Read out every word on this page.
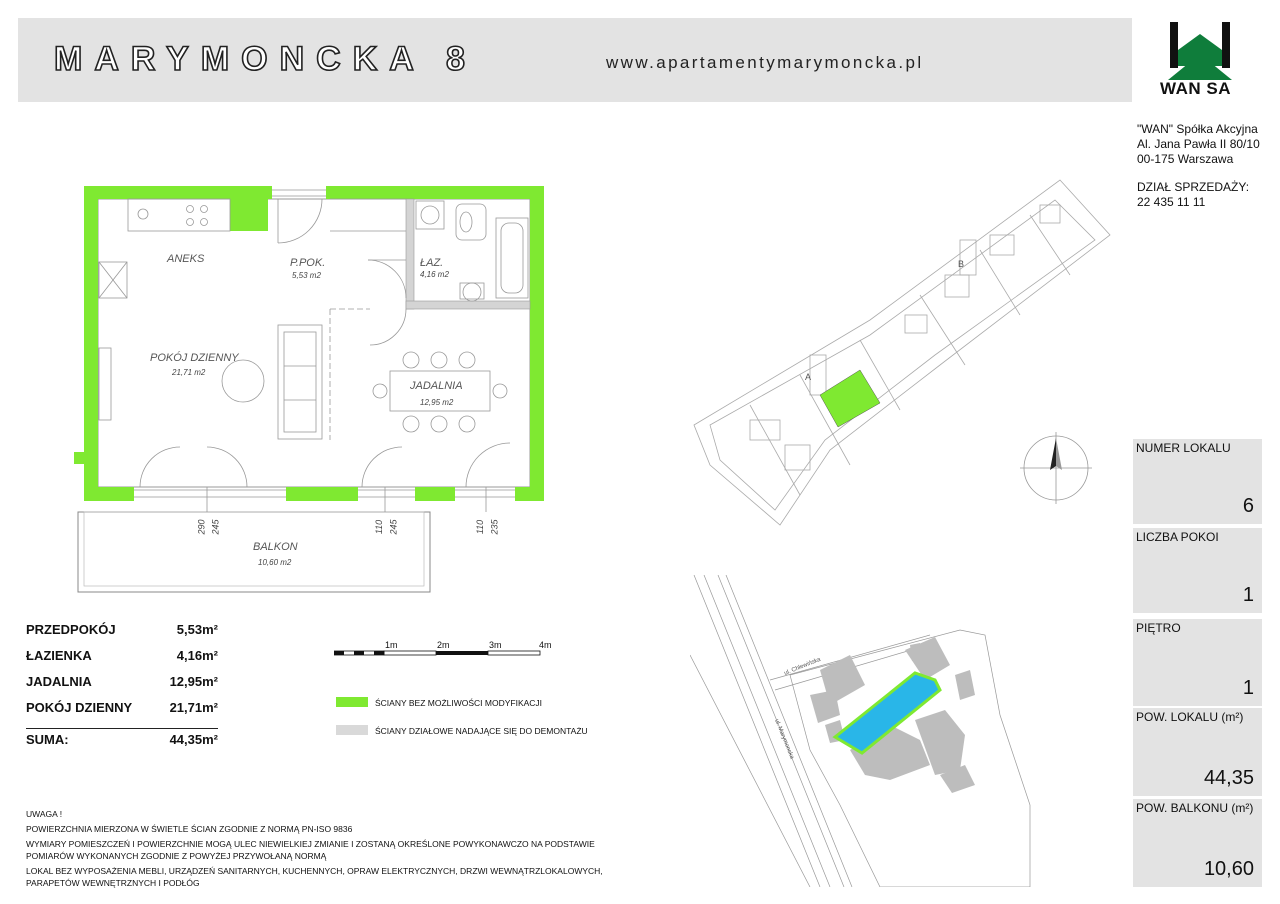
MARYMONCKA 8	www.apartamentymarymoncka.pl
WAN SA
"WAN" Spółka Akcyjna
Al. Jana Pawła II 80/10
00-175 Warszawa
DZIAŁ SPRZEDAŻY:
22 435 11 11
NUMER LOKALU
6
LICZBA POKOI
1
PIĘTRO
1
POW. LOKALU (m²)
44,35
POW. BALKONU (m²)
10,60
ANEKS	P.POK.
5,53 m2
ŁAZ.
4,16 m2
POKÓJ DZIENNY
21,71 m2
JADALNIA
12,95 m2
BALKON
10,60 m2
290 245	110 245	110 235
PRZEDPOKÓJ	5,53m²
ŁAZIENKA	4,16m²
JADALNIA	12,95m²
POKÓJ DZIENNY	21,71m²
SUMA:	44,35m²
1m	2m	3m	4m
ŚCIANY BEZ MOŻLIWOŚCI MODYFIKACJI
ŚCIANY DZIAŁOWE NADAJĄCE SIĘ DO DEMONTAŻU

UWAGA !

POWIERZCHNIA MIERZONA W ŚWIETLE ŚCIAN ZGODNIE Z NORMĄ PN-ISO 9836

WYMIARY POMIESZCZEŃ I POWIERZCHNIE MOGĄ ULEC NIEWIELKIEJ ZMIANIE I ZOSTANĄ OKREŚLONE POWYKONAWCZO NA PODSTAWIE

POMIARÓW WYKONANYCH ZGODNIE Z POWYŻEJ PRZYWOŁANĄ NORMĄ

LOKAL BEZ WYPOSAŻENIA MEBLI, URZĄDZEŃ SANITARNYCH, KUCHENNYCH, OPRAW ELEKTRYCZNYCH, DRZWI WEWNĄTRZLOKALOWYCH,

PARAPETÓW WEWNĘTRZNYCH I PODŁÓG

A
B
ul. Chlewińska
ul. Marymoncka
